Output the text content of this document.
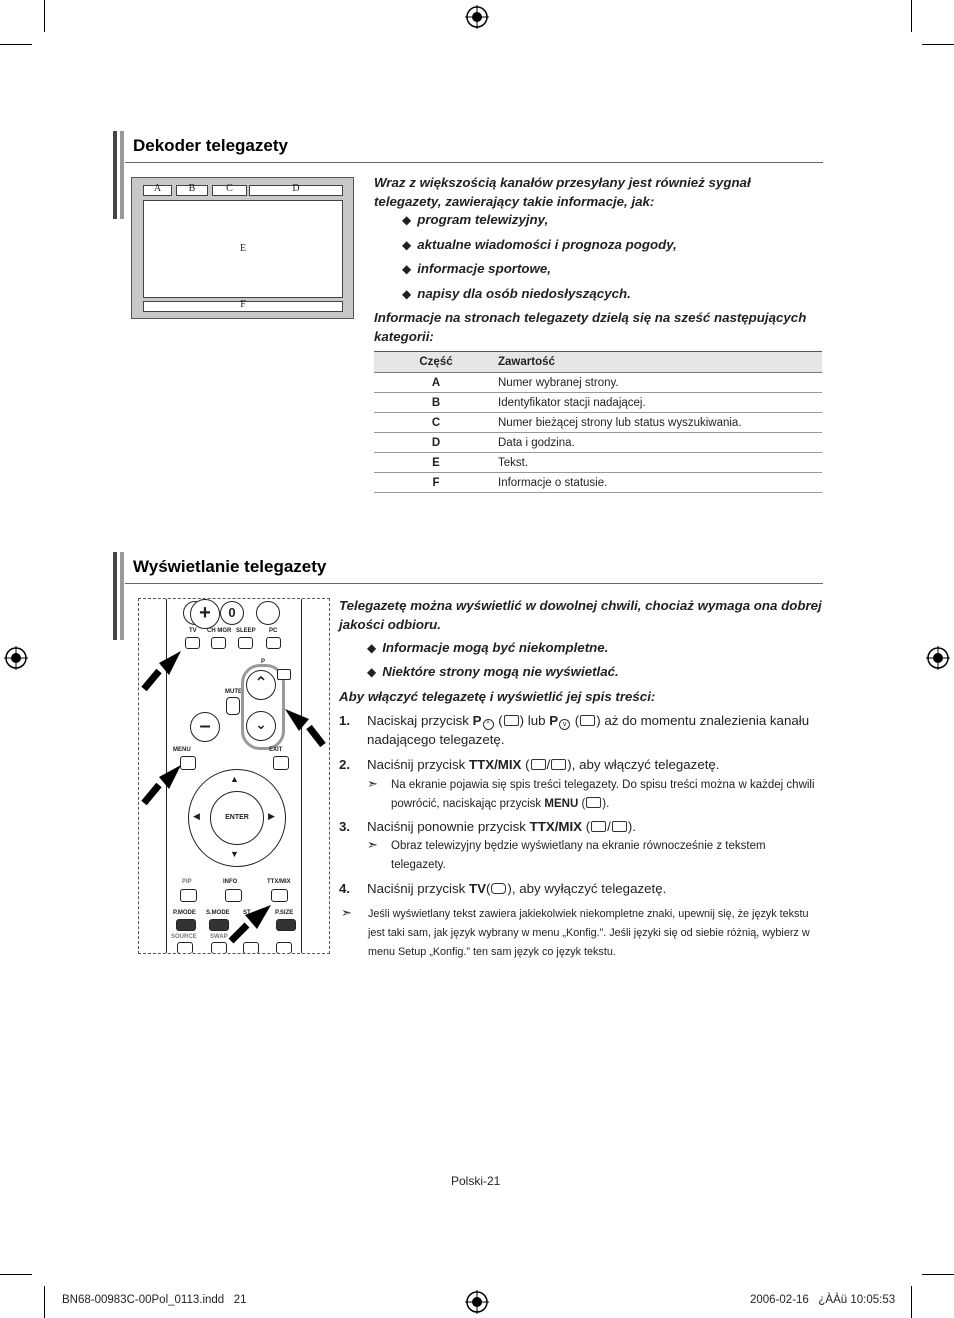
Dekoder telegazety
A	B	C	D
E
F
Wraz z większością kanałów przesyłany jest również sygnał telegazety, zawierający takie informacje, jak:
◆ program telewizyjny,
◆ aktualne wiadomości i prognoza pogody,
◆ informacje sportowe,
◆ napisy dla osób niedosłyszących.
Informacje na stronach telegazety dzielą się na sześć następujących kategorii:
Część	Zawartość
A	Numer wybranej strony.
B	Identyfikator stacji nadającej.
C	Numer bieżącej strony lub status wyszukiwania.
D	Data i godzina.
E	Tekst.
F	Informacje o statusie.
Wyświetlanie telegazety
0
TV CH MGR SLEEP PC
+
–
MUTE
P
⌃
⌄
MENU	EXIT
ENTER
▲
▼
◀	▶
PIP	INFO	TTX/MIX
P.MODE S.MODE ST	P.SIZE
SOURCE SWAP
Telegazetę można wyświetlić w dowolnej chwili, chociaż wymaga ona dobrej jakości odbioru.
◆ Informacje mogą być niekompletne.
◆ Niektóre strony mogą nie wyświetlać.
Aby włączyć telegazetę i wyświetlić jej spis treści:
1. Naciskaj przycisk P ^ ( ) lub P v ( ) aż do momentu znalezienia kanału nadającego telegazetę.
2. Naciśnij przycisk TTX/MIX ( / ), aby włączyć telegazetę.
➣ Na ekranie pojawia się spis treści telegazety. Do spisu treści można w każdej chwili powrócić, naciskając przycisk MENU ( ).
3. Naciśnij ponownie przycisk TTX/MIX ( / ).
➣ Obraz telewizyjny będzie wyświetlany na ekranie równocześnie z tekstem telegazety.
4. Naciśnij przycisk TV( ), aby wyłączyć telegazetę.
➣ Jeśli wyświetlany tekst zawiera jakiekolwiek niekompletne znaki, upewnij się, że język tekstu jest taki sam, jak język wybrany w menu „Konfig.”. Jeśli języki się od siebie różnią, wybierz w menu Setup „Konfig.” ten sam język co język tekstu.
Polski-21
BN68-00983C-00Pol_0113.indd   21	2006-02-16   ¿ÀÀü 10:05:53
